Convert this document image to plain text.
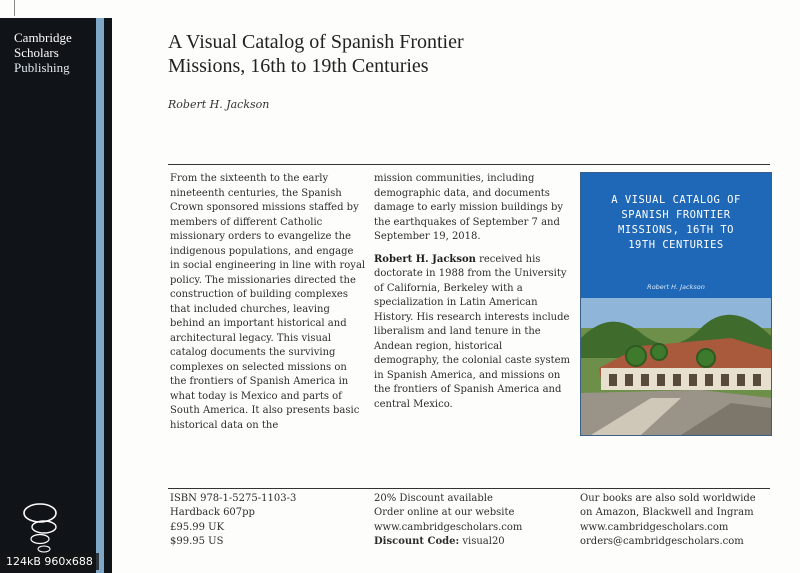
Cambridge
Scholars
Publishing
A Visual Catalog of Spanish Frontier
Missions, 16th to 19th Centuries
Robert H. Jackson

From the sixteenth to the early nineteenth centuries, the Spanish Crown sponsored missions staffed by members of different Catholic missionary orders to evangelize the indigenous populations, and engage in social engineering in line with royal policy. The missionaries directed the construction of building complexes that included churches, leaving behind an important historical and architectural legacy. This visual catalog documents the surviving complexes on selected missions on the frontiers of Spanish America in what today is Mexico and parts of South America. It also presents basic historical data on the

mission communities, including demographic data, and documents damage to early mission buildings by the earthquakes of September 7 and September 19, 2018.

Robert H. Jackson received his doctorate in 1988 from the University of California, Berkeley with a specialization in Latin American History. His research interests include liberalism and land tenure in the Andean region, historical demography, the colonial caste system in Spanish America, and missions on the frontiers of Spanish America and central Mexico.

A VISUAL CATALOG OF
SPANISH FRONTIER
MISSIONS, 16TH TO
19TH CENTURIES
Robert H. Jackson
ISBN 978-1-5275-1103-3
Hardback 607pp
£95.99 UK
$99.95 US
20% Discount available
Order online at our website
www.cambridgescholars.com
Discount Code: visual20
Our books are also sold worldwide
on Amazon, Blackwell and Ingram
www.cambridgescholars.com
orders@cambridgescholars.com
124kB 960x688
